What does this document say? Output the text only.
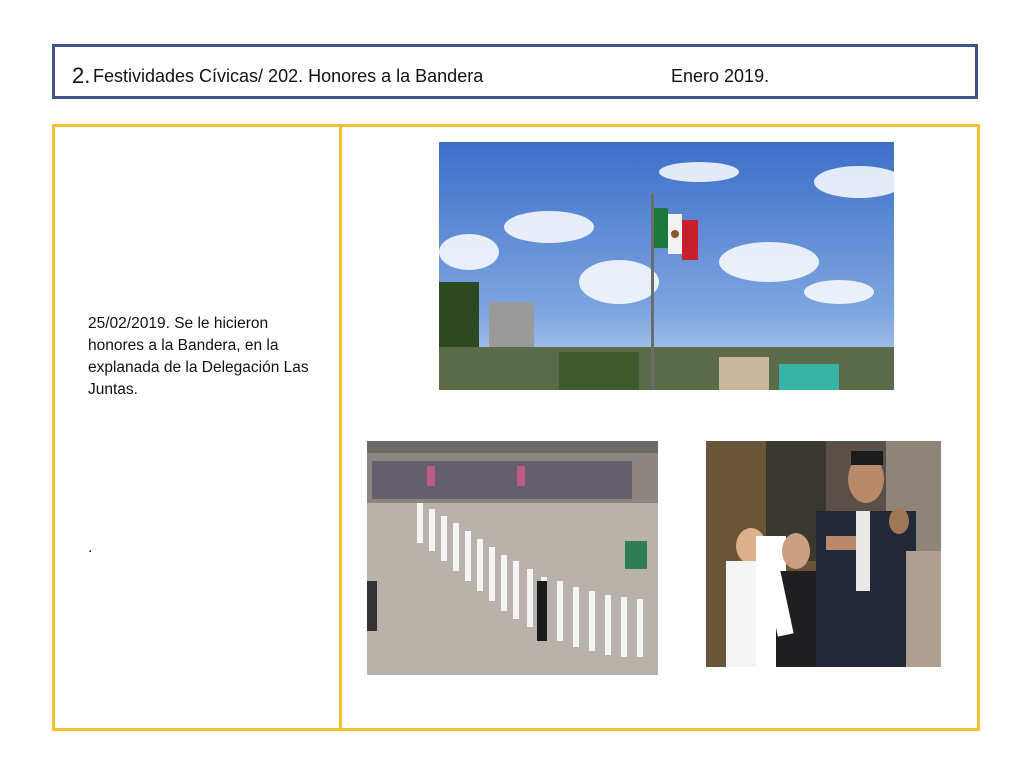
2. Festividades Cívicas/ 202. Honores a la Bandera	Enero 2019.
25/02/2019. Se le hicieron honores a la Bandera, en la explanada de la Delegación Las Juntas.
.
